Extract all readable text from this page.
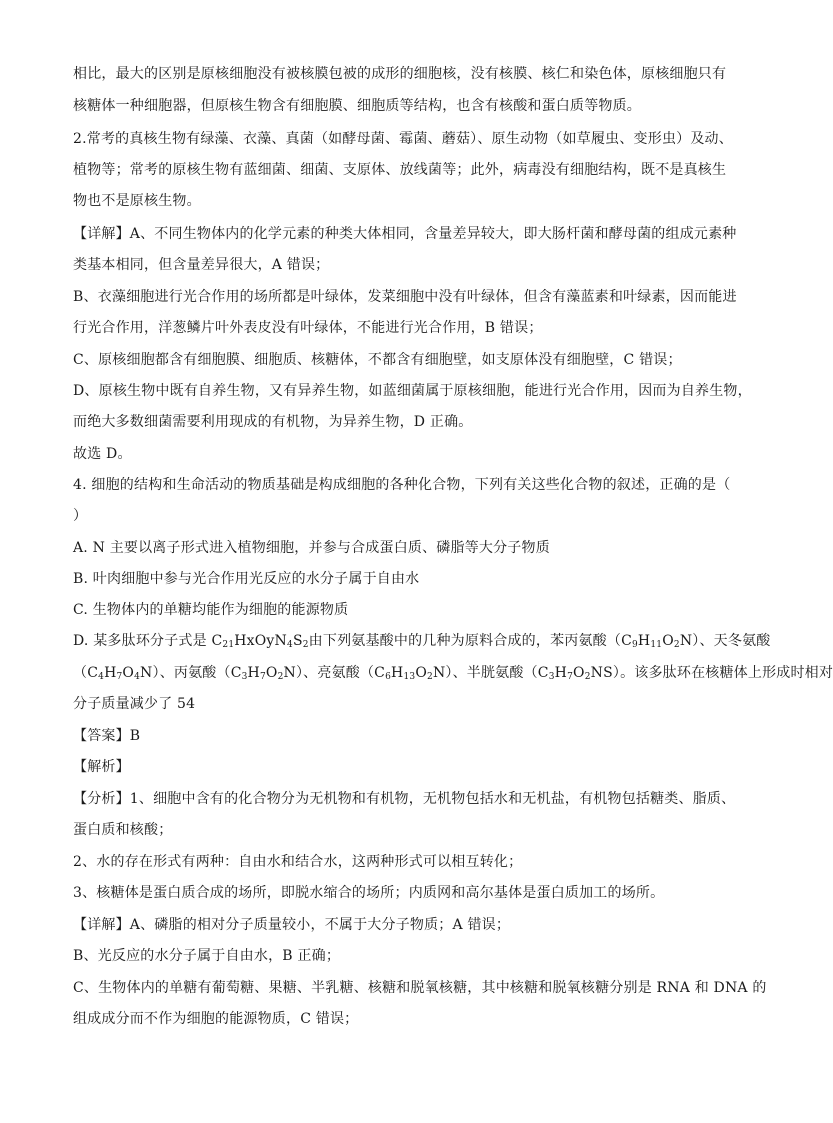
相比，最大的区别是原核细胞没有被核膜包被的成形的细胞核，没有核膜、核仁和染色体，原核细胞只有
核糖体一种细胞器，但原核生物含有细胞膜、细胞质等结构，也含有核酸和蛋白质等物质。
2.常考的真核生物有绿藻、衣藻、真菌（如酵母菌、霉菌、蘑菇）、原生动物（如草履虫、变形虫）及动、
植物等；常考的原核生物有蓝细菌、细菌、支原体、放线菌等；此外，病毒没有细胞结构，既不是真核生
物也不是原核生物。
【详解】A、不同生物体内的化学元素的种类大体相同，含量差异较大，即大肠杆菌和酵母菌的组成元素种
类基本相同，但含量差异很大，A 错误；
B、衣藻细胞进行光合作用的场所都是叶绿体，发菜细胞中没有叶绿体，但含有藻蓝素和叶绿素，因而能进
行光合作用，洋葱鳞片叶外表皮没有叶绿体，不能进行光合作用，B 错误；
C、原核细胞都含有细胞膜、细胞质、核糖体，不都含有细胞壁，如支原体没有细胞壁，C 错误；
D、原核生物中既有自养生物，又有异养生物，如蓝细菌属于原核细胞，能进行光合作用，因而为自养生物，
而绝大多数细菌需要利用现成的有机物，为异养生物，D 正确。
故选 D。
4. 细胞的结构和生命活动的物质基础是构成细胞的各种化合物，下列有关这些化合物的叙述，正确的是（
）
A. N 主要以离子形式进入植物细胞，并参与合成蛋白质、磷脂等大分子物质
B. 叶肉细胞中参与光合作用光反应的水分子属于自由水
C. 生物体内的单糖均能作为细胞的能源物质
D. 某多肽环分子式是 $C_{21}HxOyN_4S_2$由下列氨基酸中的几种为原料合成的，苯丙氨酸$(C_9H_{11}O_2N)$、天冬氨酸
$(C_4H_7O_4N)$、丙氨酸$(C_3H_7O_2N)$、亮氨酸$(C_6H_{13}O_2N)$、半胱氨酸$(C_3H_7O_2NS)$。该多肽环在核糖体上形成时相对
分子质量减少了 54
【答案】B
【解析】
【分析】1、细胞中含有的化合物分为无机物和有机物，无机物包括水和无机盐，有机物包括糖类、脂质、
蛋白质和核酸；
2、水的存在形式有两种：自由水和结合水，这两种形式可以相互转化；
3、核糖体是蛋白质合成的场所，即脱水缩合的场所；内质网和高尔基体是蛋白质加工的场所。
【详解】A、磷脂的相对分子质量较小，不属于大分子物质；A 错误；
B、光反应的水分子属于自由水，B 正确；
C、生物体内的单糖有葡萄糖、果糖、半乳糖、核糖和脱氧核糖，其中核糖和脱氧核糖分别是 RNA 和 DNA 的
组成成分而不作为细胞的能源物质，C 错误；
